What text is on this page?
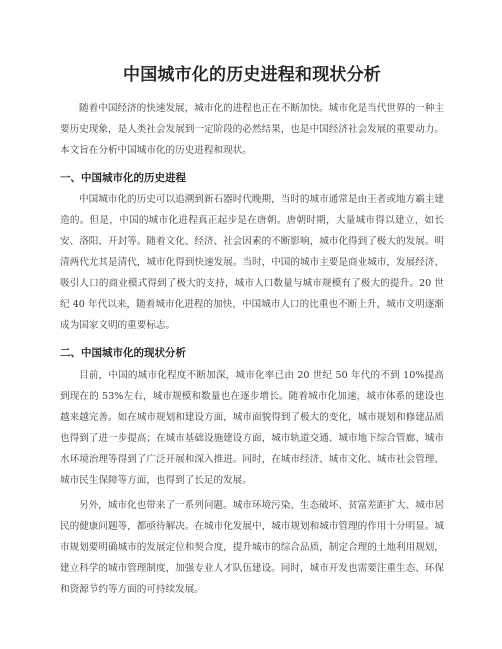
中国城市化的历史进程和现状分析

随着中国经济的快速发展，城市化的进程也正在不断加快。城市化是当代世界的一种主要历史现象，是人类社会发展到一定阶段的必然结果，也是中国经济社会发展的重要动力。本文旨在分析中国城市化的历史进程和现状。

一、中国城市化的历史进程

中国城市化的历史可以追溯到新石器时代晚期，当时的城市通常是由王者或地方霸主建造的。但是，中国的城市化进程真正起步是在唐朝。唐朝时期，大量城市得以建立，如长安、洛阳、开封等。随着文化、经济、社会因素的不断影响，城市化得到了极大的发展。明清两代尤其是清代，城市化得到快速发展。当时，中国的城市主要是商业城市，发展经济、吸引人口的商业模式得到了极大的支持，城市人口数量与城市规模有了极大的提升。20 世纪 40 年代以来，随着城市化进程的加快，中国城市人口的比重也不断上升，城市文明逐渐成为国家文明的重要标志。

二、中国城市化的现状分析

目前，中国的城市化程度不断加深，城市化率已由 20 世纪 50 年代的不到 10%提高到现在的 53%左右，城市规模和数量也在逐步增长。随着城市化加速，城市体系的建设也越来越完善。如在城市规划和建设方面，城市面貌得到了极大的变化，城市规划和修建品质也得到了进一步提高；在城市基础设施建设方面，城市轨道交通、城市地下综合管廊、城市水环境治理等得到了广泛开展和深入推进。同时，在城市经济、城市文化、城市社会管理、城市民生保障等方面，也得到了长足的发展。

另外，城市化也带来了一系列问题。城市环境污染、生态破坏、贫富差距扩大、城市居民的健康问题等，都亟待解决。在城市化发展中，城市规划和城市管理的作用十分明显。城市规划要明确城市的发展定位和契合度，提升城市的综合品质，制定合理的土地利用规划，建立科学的城市管理制度，加强专业人才队伍建设。同时，城市开发也需要注重生态、环保和资源节约等方面的可持续发展。
